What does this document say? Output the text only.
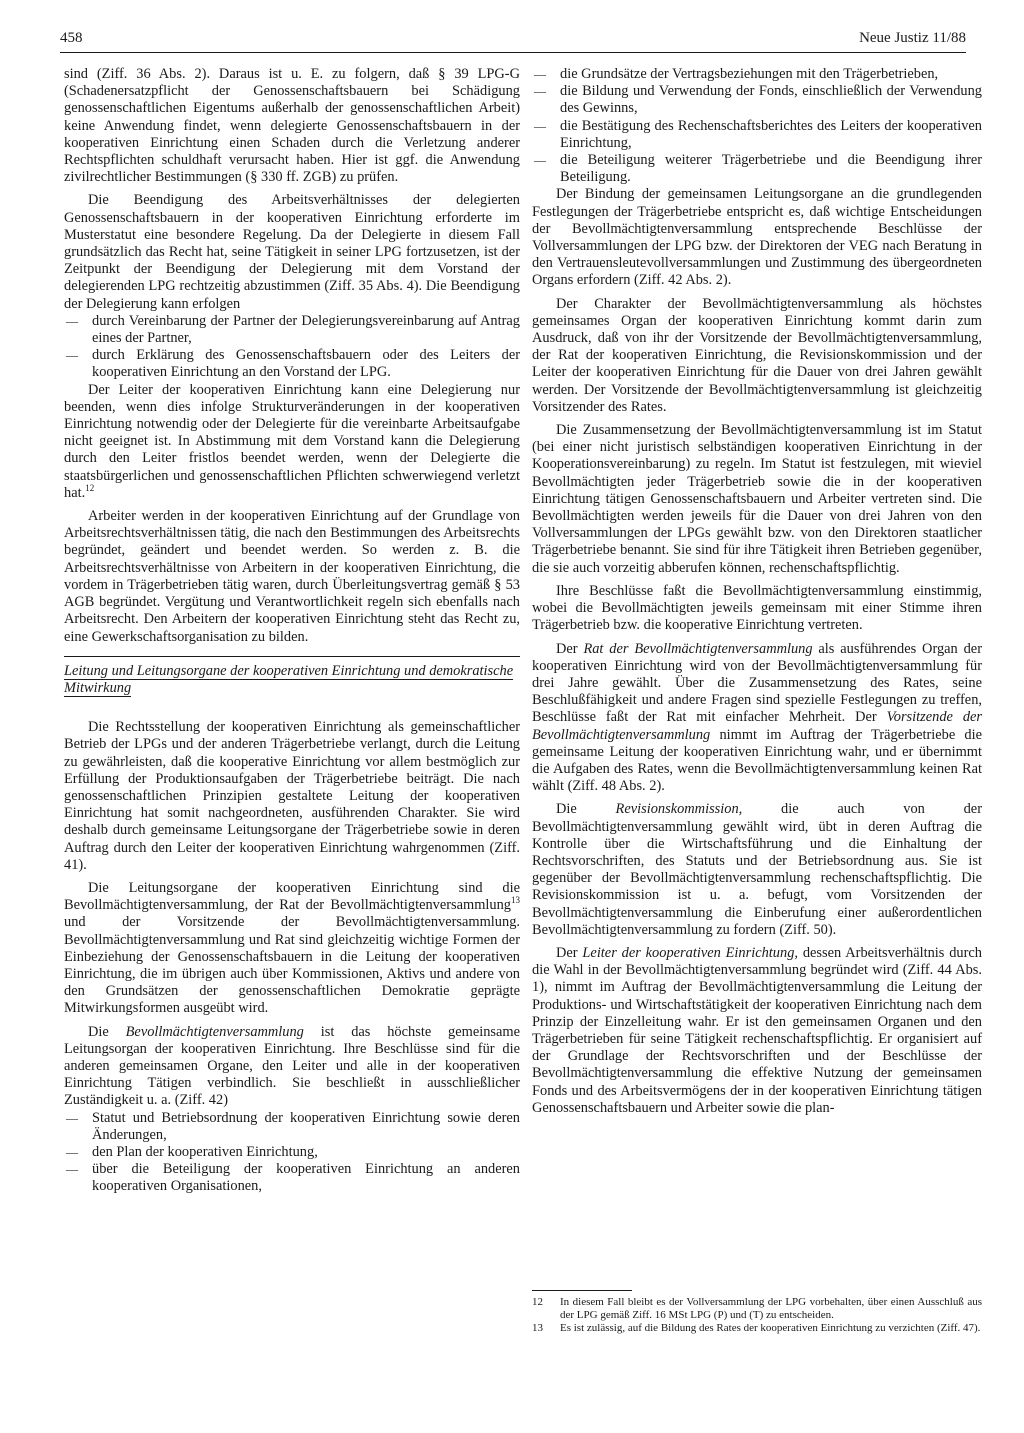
458	Neue Justiz 11/88

sind (Ziff. 36 Abs. 2). Daraus ist u. E. zu folgern, daß § 39 LPG-G (Schadenersatzpflicht der Genossenschaftsbauern bei Schädigung genossenschaftlichen Eigentums außerhalb der genossenschaftlichen Arbeit) keine Anwendung findet, wenn delegierte Genossenschaftsbauern in der kooperativen Einrichtung einen Schaden durch die Verletzung anderer Rechtspflichten schuldhaft verursacht haben. Hier ist ggf. die Anwendung zivilrechtlicher Bestimmungen (§ 330 ff. ZGB) zu prüfen.

Die Beendigung des Arbeitsverhältnisses der delegierten Genossenschaftsbauern in der kooperativen Einrichtung erforderte im Musterstatut eine besondere Regelung. Da der Delegierte in diesem Fall grundsätzlich das Recht hat, seine Tätigkeit in seiner LPG fortzusetzen, ist der Zeitpunkt der Beendigung der Delegierung mit dem Vorstand der delegierenden LPG rechtzeitig abzustimmen (Ziff. 35 Abs. 4). Die Beendigung der Delegierung kann erfolgen

— durch Vereinbarung der Partner der Delegierungsvereinbarung auf Antrag eines der Partner,
— durch Erklärung des Genossenschaftsbauern oder des Leiters der kooperativen Einrichtung an den Vorstand der LPG.

Der Leiter der kooperativen Einrichtung kann eine Delegierung nur beenden, wenn dies infolge Strukturveränderungen in der kooperativen Einrichtung notwendig oder der Delegierte für die vereinbarte Arbeitsaufgabe nicht geeignet ist. In Abstimmung mit dem Vorstand kann die Delegierung durch den Leiter fristlos beendet werden, wenn der Delegierte die staatsbürgerlichen und genossenschaftlichen Pflichten schwerwiegend verletzt hat.$^{12}$

Arbeiter werden in der kooperativen Einrichtung auf der Grundlage von Arbeitsrechtsverhältnissen tätig, die nach den Bestimmungen des Arbeitsrechts begründet, geändert und beendet werden. So werden z. B. die Arbeitsrechtsverhältnisse von Arbeitern in der kooperativen Einrichtung, die vordem in Trägerbetrieben tätig waren, durch Überleitungsvertrag gemäß § 53 AGB begründet. Vergütung und Verantwortlichkeit regeln sich ebenfalls nach Arbeitsrecht. Den Arbeitern der kooperativen Einrichtung steht das Recht zu, eine Gewerkschaftsorganisation zu bilden.

Leitung und Leitungsorgane der kooperativen Einrichtung und demokratische Mitwirkung

Die Rechtsstellung der kooperativen Einrichtung als gemeinschaftlicher Betrieb der LPGs und der anderen Trägerbetriebe verlangt, durch die Leitung zu gewährleisten, daß die kooperative Einrichtung vor allem bestmöglich zur Erfüllung der Produktionsaufgaben der Trägerbetriebe beiträgt. Die nach genossenschaftlichen Prinzipien gestaltete Leitung der kooperativen Einrichtung hat somit nachgeordneten, ausführenden Charakter. Sie wird deshalb durch gemeinsame Leitungsorgane der Trägerbetriebe sowie in deren Auftrag durch den Leiter der kooperativen Einrichtung wahrgenommen (Ziff. 41).

Die Leitungsorgane der kooperativen Einrichtung sind die Bevollmächtigtenversammlung, der Rat der Bevollmächtigtenversammlung$^{13}$ und der Vorsitzende der Bevollmächtigtenversammlung. Bevollmächtigtenversammlung und Rat sind gleichzeitig wichtige Formen der Einbeziehung der Genossenschaftsbauern in die Leitung der kooperativen Einrichtung, die im übrigen auch über Kommissionen, Aktivs und andere von den Grundsätzen der genossenschaftlichen Demokratie geprägte Mitwirkungsformen ausgeübt wird.

Die Bevollmächtigtenversammlung ist das höchste gemeinsame Leitungsorgan der kooperativen Einrichtung. Ihre Beschlüsse sind für die anderen gemeinsamen Organe, den Leiter und alle in der kooperativen Einrichtung Tätigen verbindlich. Sie beschließt in ausschließlicher Zuständigkeit u. a. (Ziff. 42)

— Statut und Betriebsordnung der kooperativen Einrichtung sowie deren Änderungen,
— den Plan der kooperativen Einrichtung,
— über die Beteiligung der kooperativen Einrichtung an anderen kooperativen Organisationen,
— die Grundsätze der Vertragsbeziehungen mit den Trägerbetrieben,
— die Bildung und Verwendung der Fonds, einschließlich der Verwendung des Gewinns,
— die Bestätigung des Rechenschaftsberichtes des Leiters der kooperativen Einrichtung,
— die Beteiligung weiterer Trägerbetriebe und die Beendigung ihrer Beteiligung.

Der Bindung der gemeinsamen Leitungsorgane an die grundlegenden Festlegungen der Trägerbetriebe entspricht es, daß wichtige Entscheidungen der Bevollmächtigtenversammlung entsprechende Beschlüsse der Vollversammlungen der LPG bzw. der Direktoren der VEG nach Beratung in den Vertrauensleutevollversammlungen und Zustimmung des übergeordneten Organs erfordern (Ziff. 42 Abs. 2).

Der Charakter der Bevollmächtigtenversammlung als höchstes gemeinsames Organ der kooperativen Einrichtung kommt darin zum Ausdruck, daß von ihr der Vorsitzende der Bevollmächtigtenversammlung, der Rat der kooperativen Einrichtung, die Revisionskommission und der Leiter der kooperativen Einrichtung für die Dauer von drei Jahren gewählt werden. Der Vorsitzende der Bevollmächtigtenversammlung ist gleichzeitig Vorsitzender des Rates.

Die Zusammensetzung der Bevollmächtigtenversammlung ist im Statut (bei einer nicht juristisch selbständigen kooperativen Einrichtung in der Kooperationsvereinbarung) zu regeln. Im Statut ist festzulegen, mit wieviel Bevollmächtigten jeder Trägerbetrieb sowie die in der kooperativen Einrichtung tätigen Genossenschaftsbauern und Arbeiter vertreten sind. Die Bevollmächtigten werden jeweils für die Dauer von drei Jahren von den Vollversammlungen der LPGs gewählt bzw. von den Direktoren staatlicher Trägerbetriebe benannt. Sie sind für ihre Tätigkeit ihren Betrieben gegenüber, die sie auch vorzeitig abberufen können, rechenschaftspflichtig.

Ihre Beschlüsse faßt die Bevollmächtigtenversammlung einstimmig, wobei die Bevollmächtigten jeweils gemeinsam mit einer Stimme ihren Trägerbetrieb bzw. die kooperative Einrichtung vertreten.

Der Rat der Bevollmächtigtenversammlung als ausführendes Organ der kooperativen Einrichtung wird von der Bevollmächtigtenversammlung für drei Jahre gewählt. Über die Zusammensetzung des Rates, seine Beschlußfähigkeit und andere Fragen sind spezielle Festlegungen zu treffen, Beschlüsse faßt der Rat mit einfacher Mehrheit. Der Vorsitzende der Bevollmächtigtenversammlung nimmt im Auftrag der Trägerbetriebe die gemeinsame Leitung der kooperativen Einrichtung wahr, und er übernimmt die Aufgaben des Rates, wenn die Bevollmächtigtenversammlung keinen Rat wählt (Ziff. 48 Abs. 2).

Die Revisionskommission, die auch von der Bevollmächtigtenversammlung gewählt wird, übt in deren Auftrag die Kontrolle über die Wirtschaftsführung und die Einhaltung der Rechtsvorschriften, des Statuts und der Betriebsordnung aus. Sie ist gegenüber der Bevollmächtigtenversammlung rechenschaftspflichtig. Die Revisionskommission ist u. a. befugt, vom Vorsitzenden der Bevollmächtigtenversammlung die Einberufung einer außerordentlichen Bevollmächtigtenversammlung zu fordern (Ziff. 50).

Der Leiter der kooperativen Einrichtung, dessen Arbeitsverhältnis durch die Wahl in der Bevollmächtigtenversammlung begründet wird (Ziff. 44 Abs. 1), nimmt im Auftrag der Bevollmächtigtenversammlung die Leitung der Produktions- und Wirtschaftstätigkeit der kooperativen Einrichtung nach dem Prinzip der Einzelleitung wahr. Er ist den gemeinsamen Organen und den Trägerbetrieben für seine Tätigkeit rechenschaftspflichtig. Er organisiert auf der Grundlage der Rechtsvorschriften und der Beschlüsse der Bevollmächtigtenversammlung die effektive Nutzung der gemeinsamen Fonds und des Arbeitsvermögens der in der kooperativen Einrichtung tätigen Genossenschaftsbauern und Arbeiter sowie die plan-

12 In diesem Fall bleibt es der Vollversammlung der LPG vorbehalten, über einen Ausschluß aus der LPG gemäß Ziff. 16 MSt LPG (P) und (T) zu entscheiden.
13 Es ist zulässig, auf die Bildung des Rates der kooperativen Einrichtung zu verzichten (Ziff. 47).
